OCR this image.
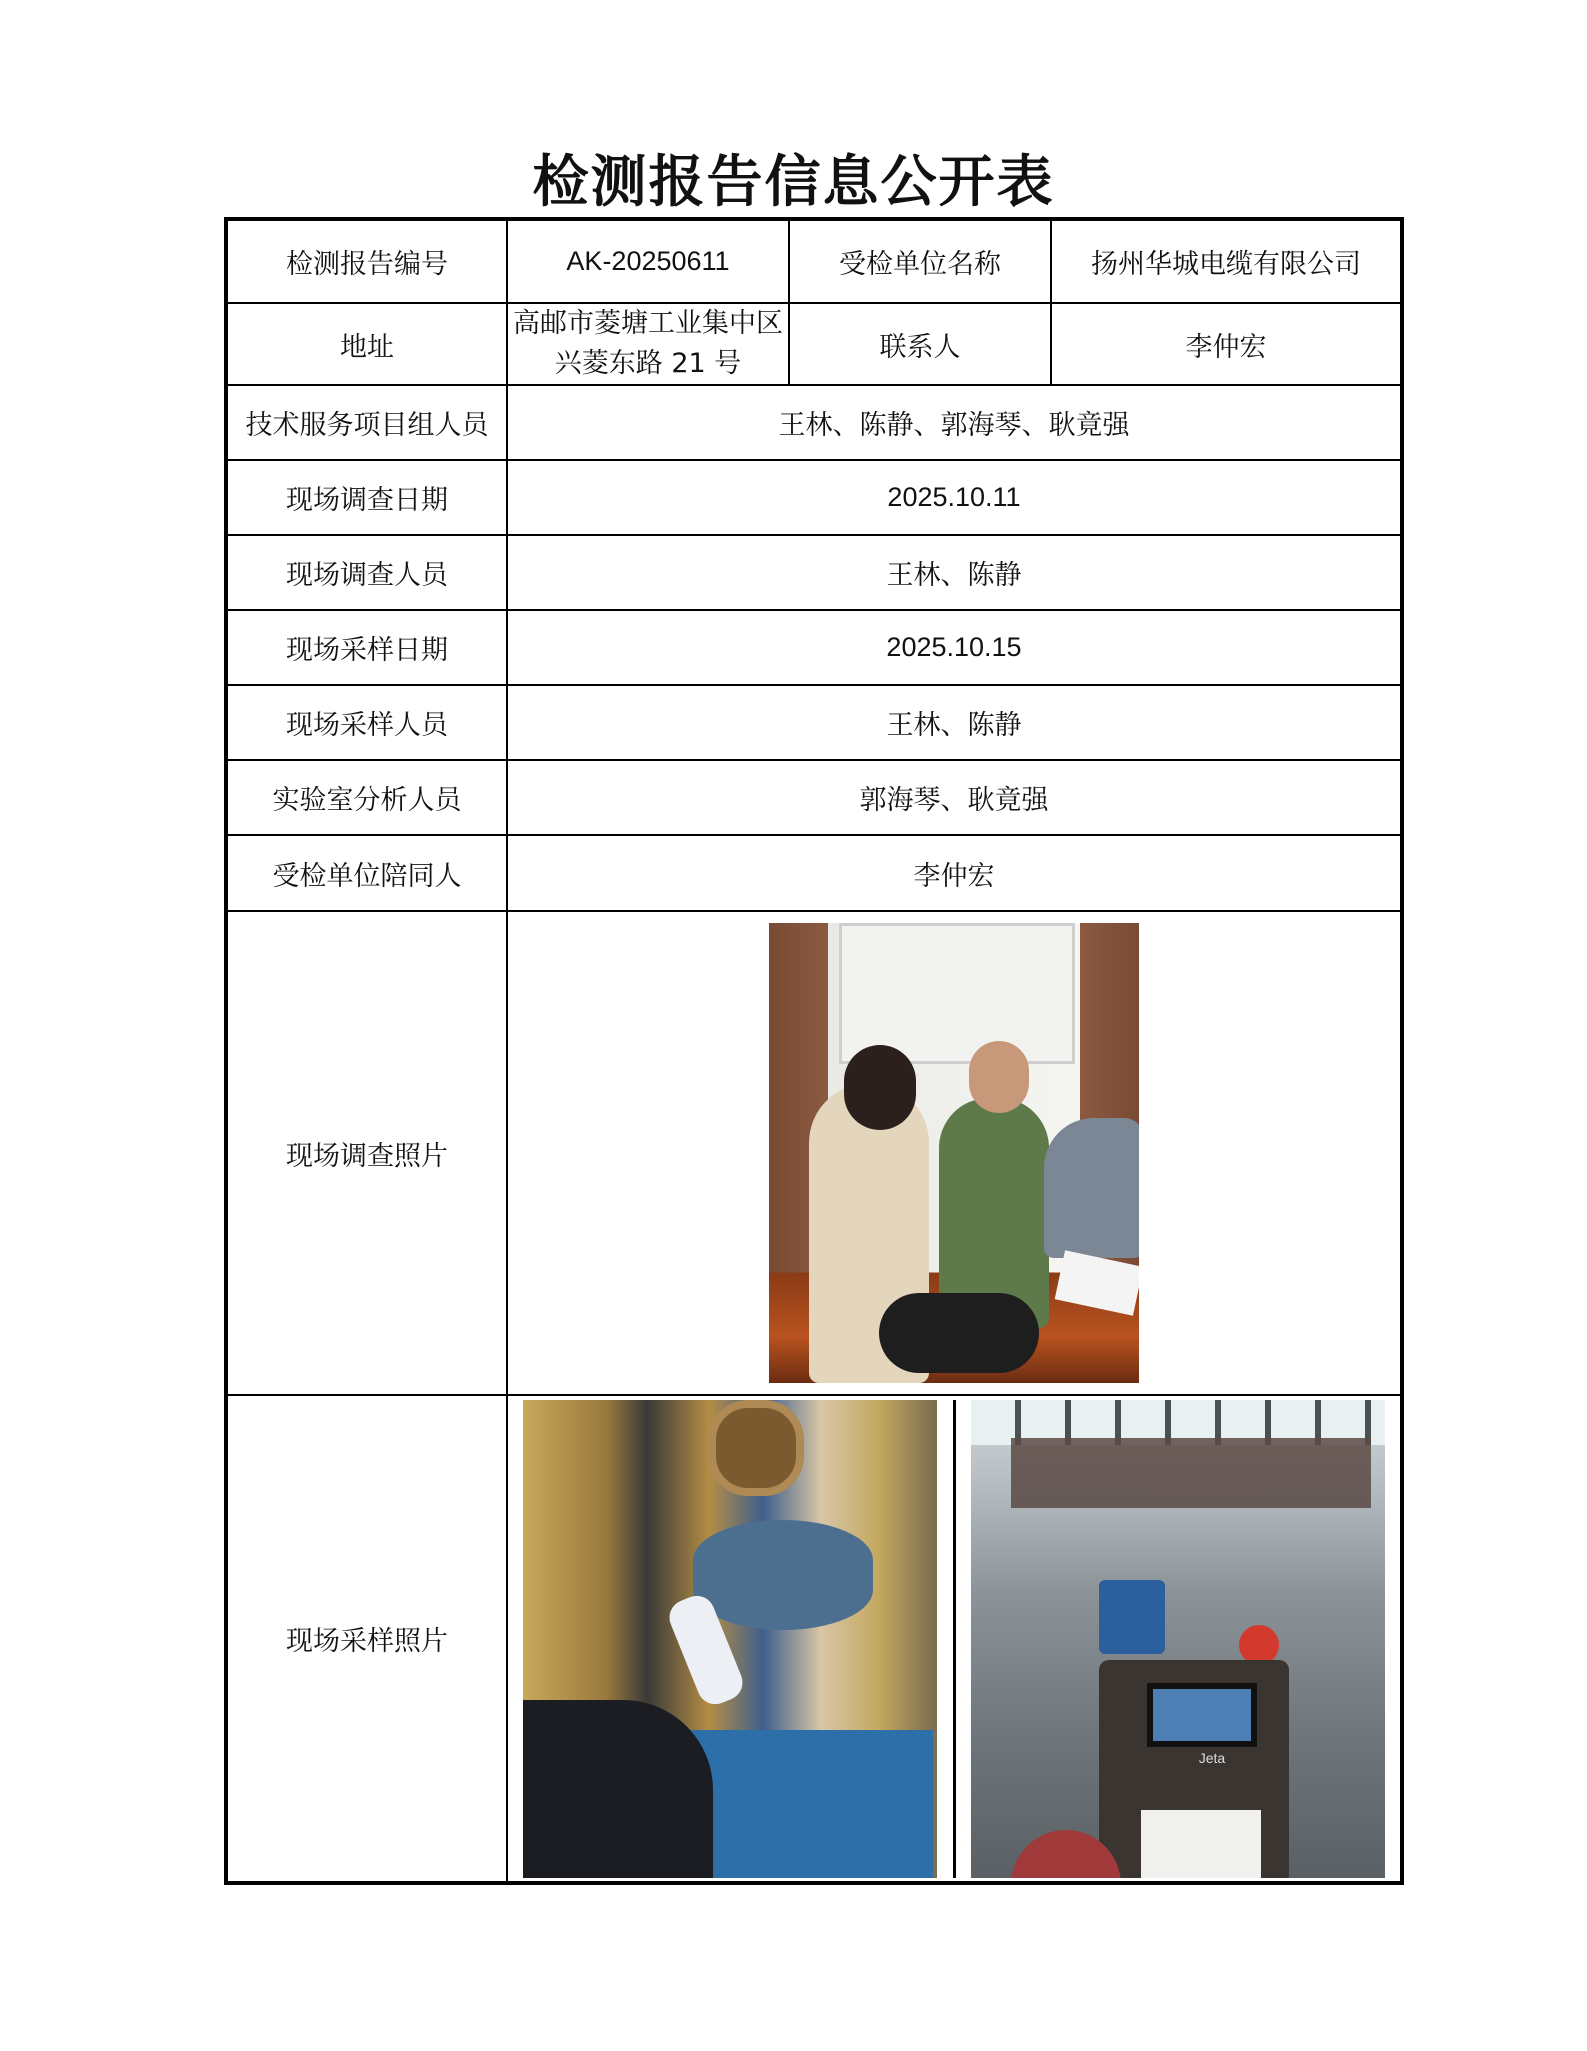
检测报告信息公开表
检测报告编号	AK-20250611	受检单位名称	扬州华城电缆有限公司
地址	高邮市菱塘工业集中区兴菱东路 21 号	联系人	李仲宏
技术服务项目组人员	王林、陈静、郭海琴、耿竟强		
现场调查日期	2025.10.11		
现场调查人员	王林、陈静		
现场采样日期	2025.10.15		
现场采样人员	王林、陈静		
实验室分析人员	郭海琴、耿竟强		
受检单位陪同人	李仲宏		
现场调查照片			

现场采样照片	Jeta		
